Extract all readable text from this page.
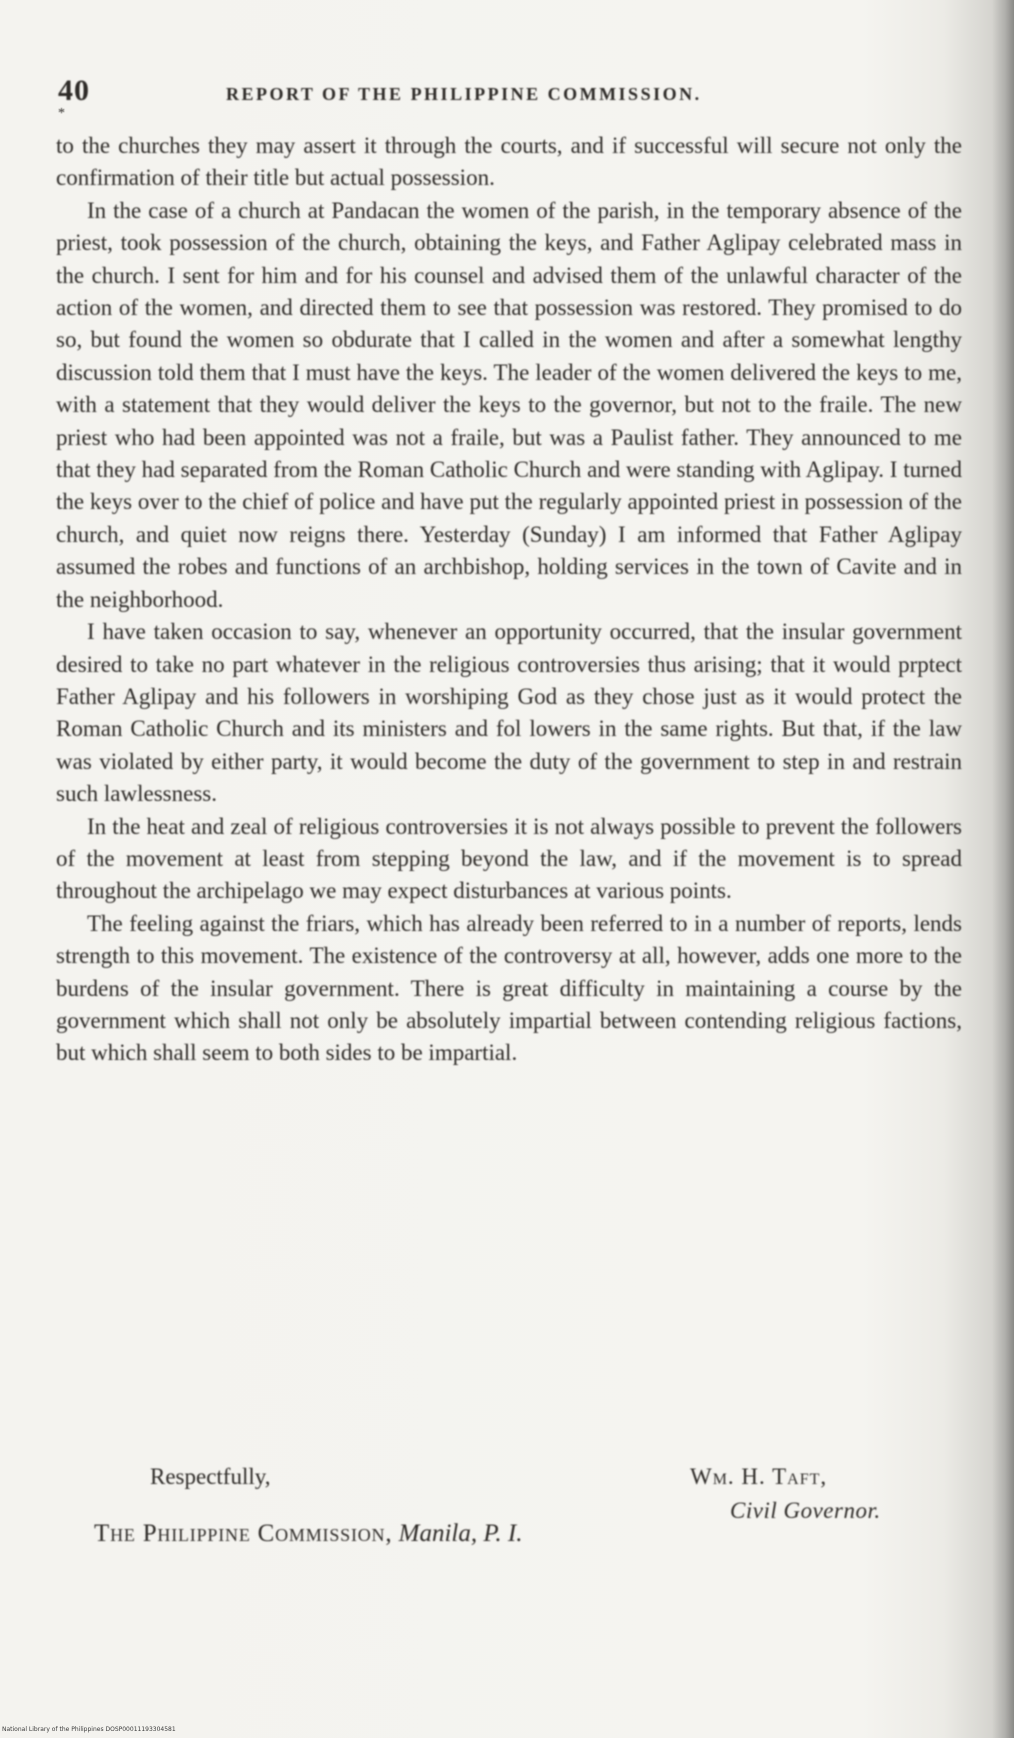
40	REPORT OF THE PHILIPPINE COMMISSION.
*

to the churches they may assert it through the courts, and if successful will secure not only the confirmation of their title but actual possession.

In the case of a church at Pandacan the women of the parish, in the temporary absence of the priest, took possession of the church, obtaining the keys, and Father Aglipay celebrated mass in the church. I sent for him and for his counsel and advised them of the unlawful character of the action of the women, and directed them to see that possession was restored. They promised to do so, but found the women so obdurate that I called in the women and after a somewhat lengthy discussion told them that I must have the keys. The leader of the women delivered the keys to me, with a statement that they would deliver the keys to the governor, but not to the fraile. The new priest who had been appointed was not a fraile, but was a Paulist father. They announced to me that they had separated from the Roman Catholic Church and were standing with Aglipay. I turned the keys over to the chief of police and have put the regularly appointed priest in possession of the church, and quiet now reigns there. Yesterday (Sunday) I am informed that Father Aglipay assumed the robes and functions of an archbishop, holding services in the town of Cavite and in the neighborhood.

I have taken occasion to say, whenever an opportunity occurred, that the insular government desired to take no part whatever in the religious controversies thus arising; that it would prptect Father Aglipay and his followers in worshiping God as they chose just as it would protect the Roman Catholic Church and its ministers and fol lowers in the same rights. But that, if the law was violated by either party, it would become the duty of the government to step in and restrain such lawlessness.

In the heat and zeal of religious controversies it is not always possible to prevent the followers of the movement at least from stepping beyond the law, and if the movement is to spread throughout the archipelago we may expect disturbances at various points.

The feeling against the friars, which has already been referred to in a number of reports, lends strength to this movement. The existence of the controversy at all, however, adds one more to the burdens of the insular government. There is great difficulty in maintaining a course by the government which shall not only be absolutely impartial between contending religious factions, but which shall seem to both sides to be impartial.

Respectfully,	Wm. H. Taft,
Civil Governor.
The Philippine Commission, Manila, P. I.
National Library of the Philippines DOSP00011193304581
